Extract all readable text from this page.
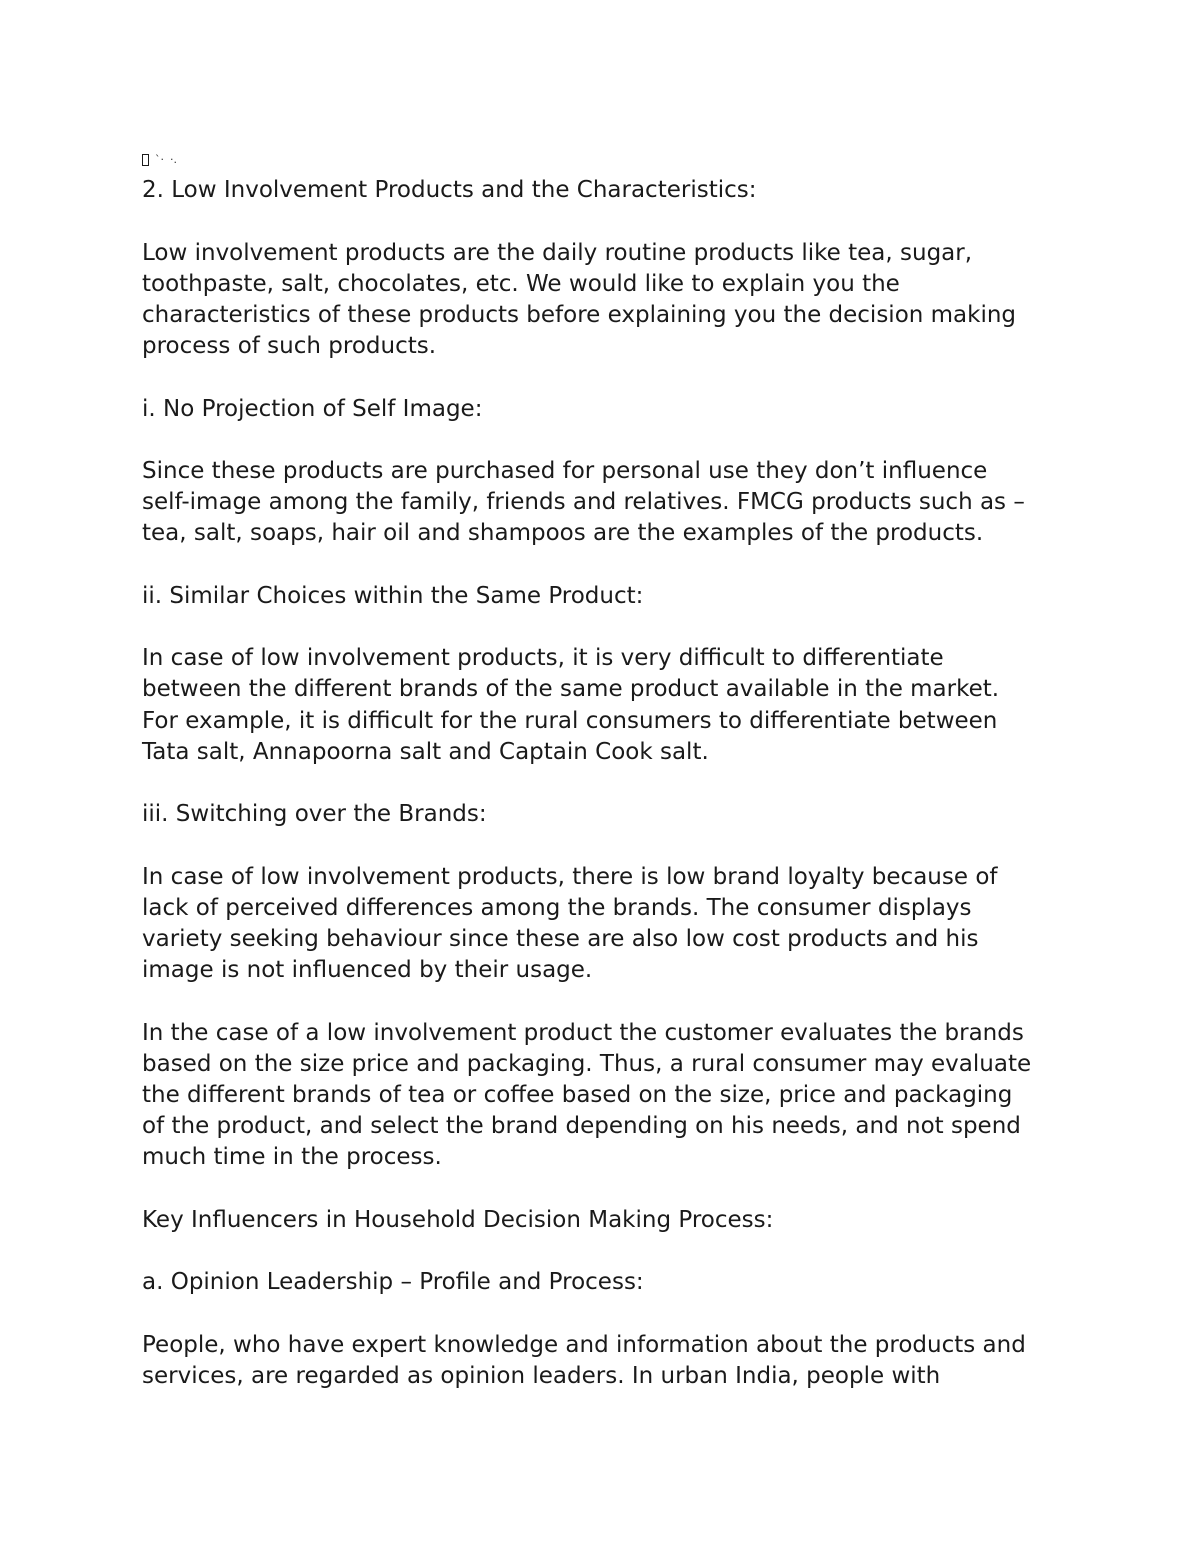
`· ·.

2. Low Involvement Products and the Characteristics:

Low involvement products are the daily routine products like tea, sugar,

toothpaste, salt, chocolates, etc. We would like to explain you the

characteristics of these products before explaining you the decision making

process of such products.

i. No Projection of Self Image:

Since these products are purchased for personal use they don’t influence

self-image among the family, friends and relatives. FMCG products such as –

tea, salt, soaps, hair oil and shampoos are the examples of the products.

ii. Similar Choices within the Same Product:

In case of low involvement products, it is very difficult to differentiate

between the different brands of the same product available in the market.

For example, it is difficult for the rural consumers to differentiate between

Tata salt, Annapoorna salt and Captain Cook salt.

iii. Switching over the Brands:

In case of low involvement products, there is low brand loyalty because of

lack of perceived differences among the brands. The consumer displays

variety seeking behaviour since these are also low cost products and his

image is not influenced by their usage.

In the case of a low involvement product the customer evaluates the brands

based on the size price and packaging. Thus, a rural consumer may evaluate

the different brands of tea or coffee based on the size, price and packaging

of the product, and select the brand depending on his needs, and not spend

much time in the process.

Key Influencers in Household Decision Making Process:

a. Opinion Leadership – Profile and Process:

People, who have expert knowledge and information about the products and

services, are regarded as opinion leaders. In urban India, people with
